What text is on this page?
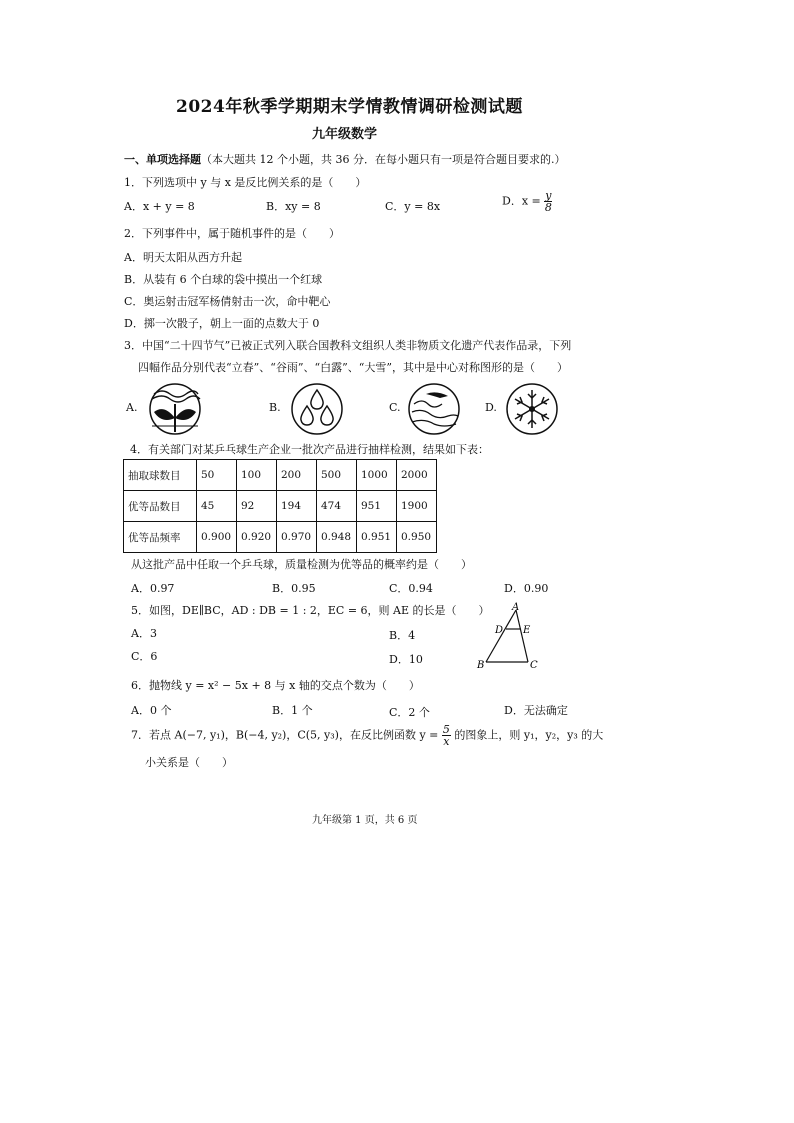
2024年秋季学期期末学情教情调研检测试题
九年级数学
一、单项选择题（本大题共 12 个小题，共 36 分．在每小题只有一项是符合题目要求的.）
1．下列选项中 y 与 x 是反比例关系的是（　　）
A．x + y = 8	B．xy = 8	C．y = 8x	D．$x = \frac{y}{8}$
2．下列事件中，属于随机事件的是（　　）
A．明天太阳从西方升起
B．从装有 6 个白球的袋中摸出一个红球
C．奥运射击冠军杨倩射击一次，命中靶心
D．掷一次骰子，朝上一面的点数大于 0
3．中国“二十四节气”已被正式列入联合国教科文组织人类非物质文化遗产代表作品录，下列
四幅作品分别代表“立春”、“谷雨”、“白露”、“大雪”，其中是中心对称图形的是（　　）
A.	B.	C.	D.
4．有关部门对某乒乓球生产企业一批次产品进行抽样检测，结果如下表：
抽取球数目	50	100	200	500	1000	2000
优等品数目	45	92	194	474	951	1900
优等品频率	0.900	0.920	0.970	0.948	0.951	0.950
从这批产品中任取一个乒乓球，质量检测为优等品的概率约是（　　）
A．0.97	B．0.95	C．0.94	D．0.90
5．如图，DE∥BC，AD : DB = 1 : 2，EC = 6，则 AE 的长是（　　）
A．3	B．4
C．6	D．10
A
D E
B	C
6．抛物线 y = x² − 5x + 8 与 x 轴的交点个数为（　　）
A．0 个	B．1 个	C．2 个	D．无法确定
7．若点 A(−7, y₁)，B(−4, y₂)，C(5, y₃)，在反比例函数 $y = \frac{5}{x}$ 的图象上，则 y₁，y₂，y₃ 的大
小关系是（　　）
九年级第 1 页，共 6 页
